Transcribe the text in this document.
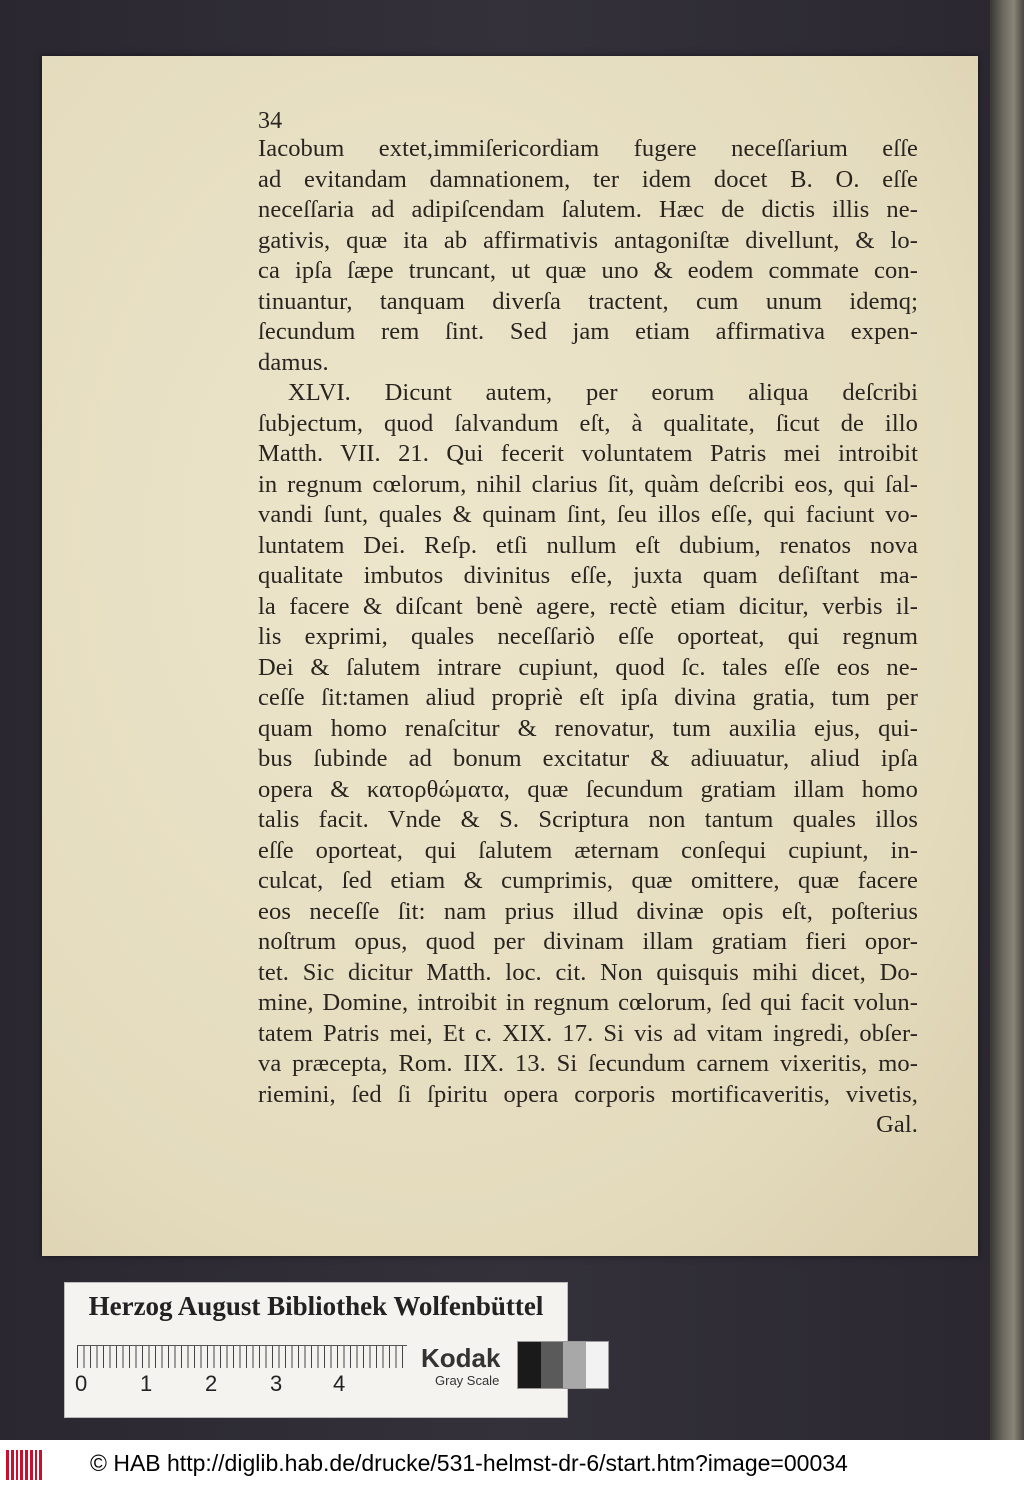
34
Iacobum extet,immiſericordiam fugere neceſſarium eſſe
ad evitandam damnationem, ter idem docet B. O. eſſe
neceſſaria ad adipiſcendam ſalutem. Hæc de dictis illis ne-
gativis, quæ ita ab affirmativis antagoniſtæ divellunt, & lo-
ca ipſa ſæpe truncant, ut quæ uno & eodem commate con-
tinuantur, tanquam diverſa tractent, cum unum idemq;
ſecundum rem ſint. Sed jam etiam affirmativa expen-
damus.
XLVI. Dicunt autem, per eorum aliqua deſcribi
ſubjectum, quod ſalvandum eſt, à qualitate, ſicut de illo
Matth. VII. 21. Qui fecerit voluntatem Patris mei introibit
in regnum cœlorum, nihil clarius ſit, quàm deſcribi eos, qui ſal-
vandi ſunt, quales & quinam ſint, ſeu illos eſſe, qui faciunt vo-
luntatem Dei. Reſp. etſi nullum eſt dubium, renatos nova
qualitate imbutos divinitus eſſe, juxta quam deſiſtant ma-
la facere & diſcant benè agere, rectè etiam dicitur, verbis il-
lis exprimi, quales neceſſariò eſſe oporteat, qui regnum
Dei & ſalutem intrare cupiunt, quod ſc. tales eſſe eos ne-
ceſſe ſit:tamen aliud propriè eſt ipſa divina gratia, tum per
quam homo renaſcitur & renovatur, tum auxilia ejus, qui-
bus ſubinde ad bonum excitatur & adiuuatur, aliud ipſa
opera & κατορθώματα, quæ ſecundum gratiam illam homo
talis facit. Vnde & S. Scriptura non tantum quales illos
eſſe oporteat, qui ſalutem æternam conſequi cupiunt, in-
culcat, ſed etiam & cumprimis, quæ omittere, quæ facere
eos neceſſe ſit: nam prius illud divinæ opis eſt, poſterius
noſtrum opus, quod per divinam illam gratiam fieri opor-
tet. Sic dicitur Matth. loc. cit. Non quisquis mihi dicet, Do-
mine, Domine, introibit in regnum cœlorum, ſed qui facit volun-
tatem Patris mei, Et c. XIX. 17. Si vis ad vitam ingredi, obſer-
va præcepta, Rom. IIX. 13. Si ſecundum carnem vixeritis, mo-
riemini, ſed ſi ſpiritu opera corporis mortificaveritis, vivetis,
Gal.
Herzog August Bibliothek Wolfenbüttel
0 1 2 3 4
Kodak
Gray Scale
© HAB http://diglib.hab.de/drucke/531-helmst-dr-6/start.htm?image=00034
